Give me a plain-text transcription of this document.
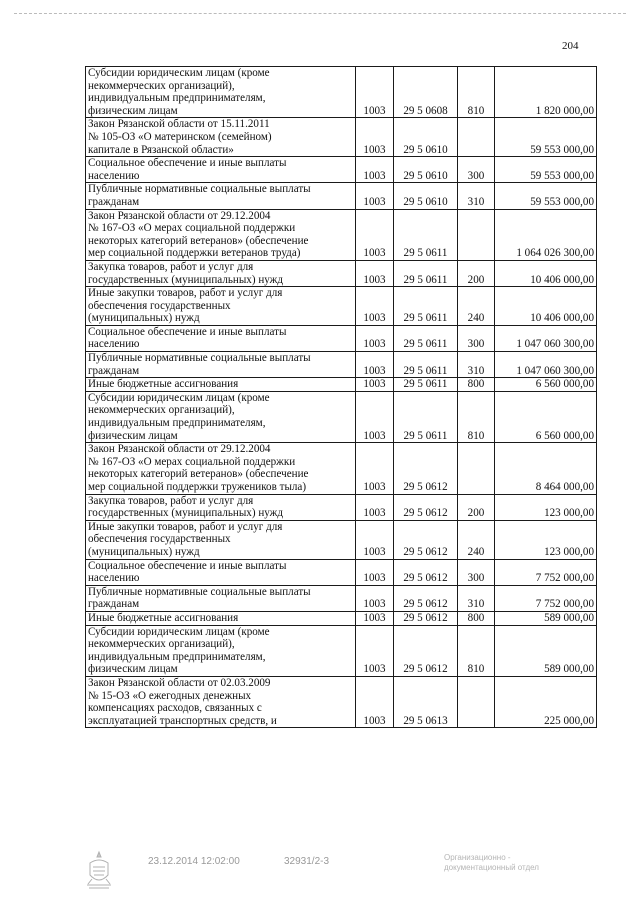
204
Субсидии юридическим лицам (кроме
некоммерческих организаций),
индивидуальным предпринимателям,
физическим лицам	1003	29 5 0608	810	1 820 000,00

Закон Рязанской области от 15.11.2011
№ 105-ОЗ «О материнском (семейном)
капитале в Рязанской области»	1003	29 5 0610		59 553 000,00

Социальное обеспечение и иные выплаты
населению	1003	29 5 0610	300	59 553 000,00

Публичные нормативные социальные выплаты
гражданам	1003	29 5 0610	310	59 553 000,00

Закон Рязанской области от 29.12.2004
№ 167-ОЗ «О мерах социальной поддержки
некоторых категорий ветеранов» (обеспечение
мер социальной поддержки ветеранов труда)	1003	29 5 0611		1 064 026 300,00

Закупка товаров, работ и услуг для
государственных (муниципальных) нужд	1003	29 5 0611	200	10 406 000,00

Иные закупки товаров, работ и услуг для
обеспечения государственных
(муниципальных) нужд	1003	29 5 0611	240	10 406 000,00

Социальное обеспечение и иные выплаты
населению	1003	29 5 0611	300	1 047 060 300,00

Публичные нормативные социальные выплаты
гражданам	1003	29 5 0611	310	1 047 060 300,00

Иные бюджетные ассигнования	1003	29 5 0611	800	6 560 000,00

Субсидии юридическим лицам (кроме
некоммерческих организаций),
индивидуальным предпринимателям,
физическим лицам	1003	29 5 0611	810	6 560 000,00

Закон Рязанской области от 29.12.2004
№ 167-ОЗ «О мерах социальной поддержки
некоторых категорий ветеранов» (обеспечение
мер социальной поддержки тружеников тыла)	1003	29 5 0612		8 464 000,00

Закупка товаров, работ и услуг для
государственных (муниципальных) нужд	1003	29 5 0612	200	123 000,00

Иные закупки товаров, работ и услуг для
обеспечения государственных
(муниципальных) нужд	1003	29 5 0612	240	123 000,00

Социальное обеспечение и иные выплаты
населению	1003	29 5 0612	300	7 752 000,00

Публичные нормативные социальные выплаты
гражданам	1003	29 5 0612	310	7 752 000,00

Иные бюджетные ассигнования	1003	29 5 0612	800	589 000,00

Субсидии юридическим лицам (кроме
некоммерческих организаций),
индивидуальным предпринимателям,
физическим лицам	1003	29 5 0612	810	589 000,00

Закон Рязанской области от 02.03.2009
№ 15-ОЗ «О ежегодных денежных
компенсациях расходов, связанных с
эксплуатацией транспортных средств, и	1003	29 5 0613		225 000,00
23.12.2014 12:02:00	32931/2-3	Организационно -
документационный отдел
